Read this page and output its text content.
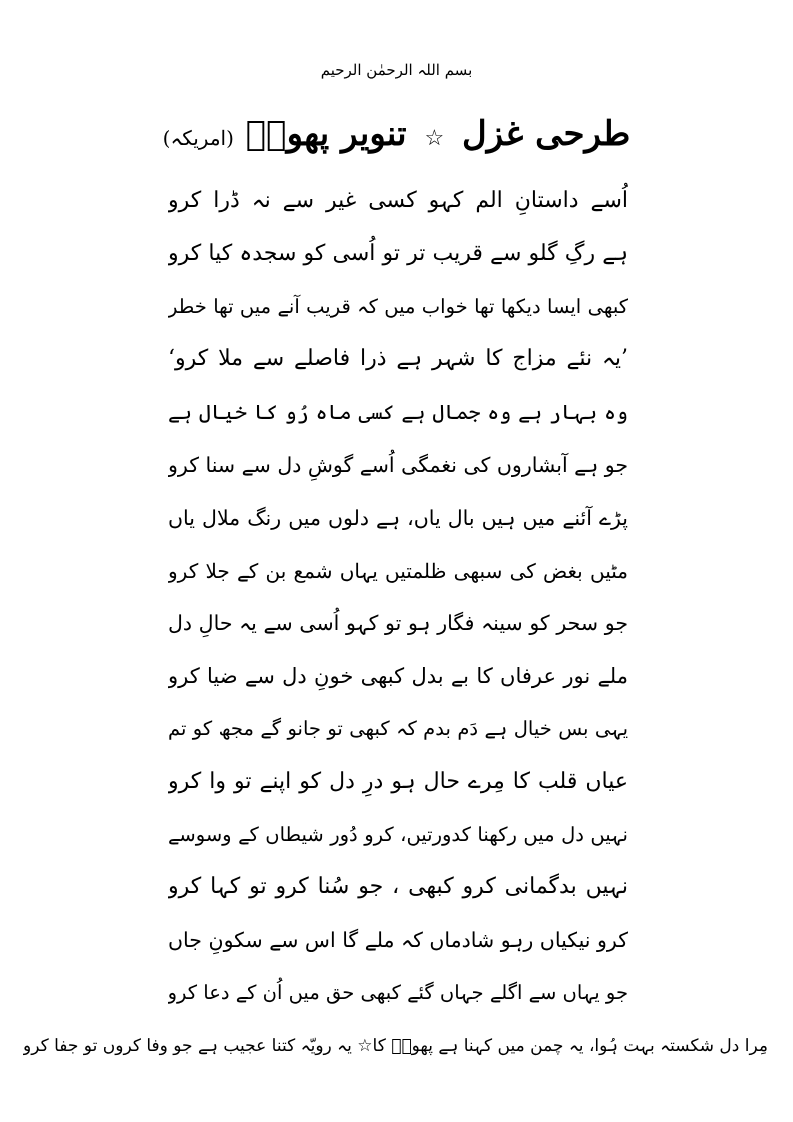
بسم اللہ الرحمٰن الرحیم
طرحی غزل ☆ تنویر پھولؔ (امریکہ)
اُسے داستانِ الم کہو کسی غیر سے نہ ڈرا کرو
ہے رگِ گلو سے قریب تر تو اُسی کو سجدہ کیا کرو
کبھی ایسا دیکھا تھا خواب میں کہ قریب آنے میں تھا خطر
’یہ نئے مزاج کا شہر ہے ذرا فاصلے سے ملا کرو‘
وہ بہار ہے وہ جمال ہے کسی ماہ رُو کا خیال ہے
جو ہے آبشاروں کی نغمگی اُسے گوشِ دل سے سنا کرو
پڑے آئنے میں ہیں بال یاں، ہے دلوں میں رنگ ملال یاں
مٹیں بغض کی سبھی ظلمتیں یہاں شمع بن کے جلا کرو
جو سحر کو سینہ فگار ہو تو کہو اُسی سے یہ حالِ دل
ملے نور عرفاں کا بے بدل کبھی خونِ دل سے ضیا کرو
یہی بس خیال ہے دَم بدم کہ کبھی تو جانو گے مجھ کو تم
عیاں قلب کا مِرے حال ہو درِ دل کو اپنے تو وا کرو
نہیں دل میں رکھنا کدورتیں، کرو دُور شیطاں کے وسوسے
نہیں بدگمانی کرو کبھی ، جو سُنا کرو تو کہا کرو
کرو نیکیاں رہو شادماں کہ ملے گا اس سے سکونِ جاں
جو یہاں سے اگلے جہاں گئے کبھی حق میں اُن کے دعا کرو
مِرا دل شکستہ بہت ہُوا، یہ چمن میں کہنا ہے پھولؔ کا☆ یہ رویّہ کتنا عجیب ہے جو وفا کروں تو جفا کرو
